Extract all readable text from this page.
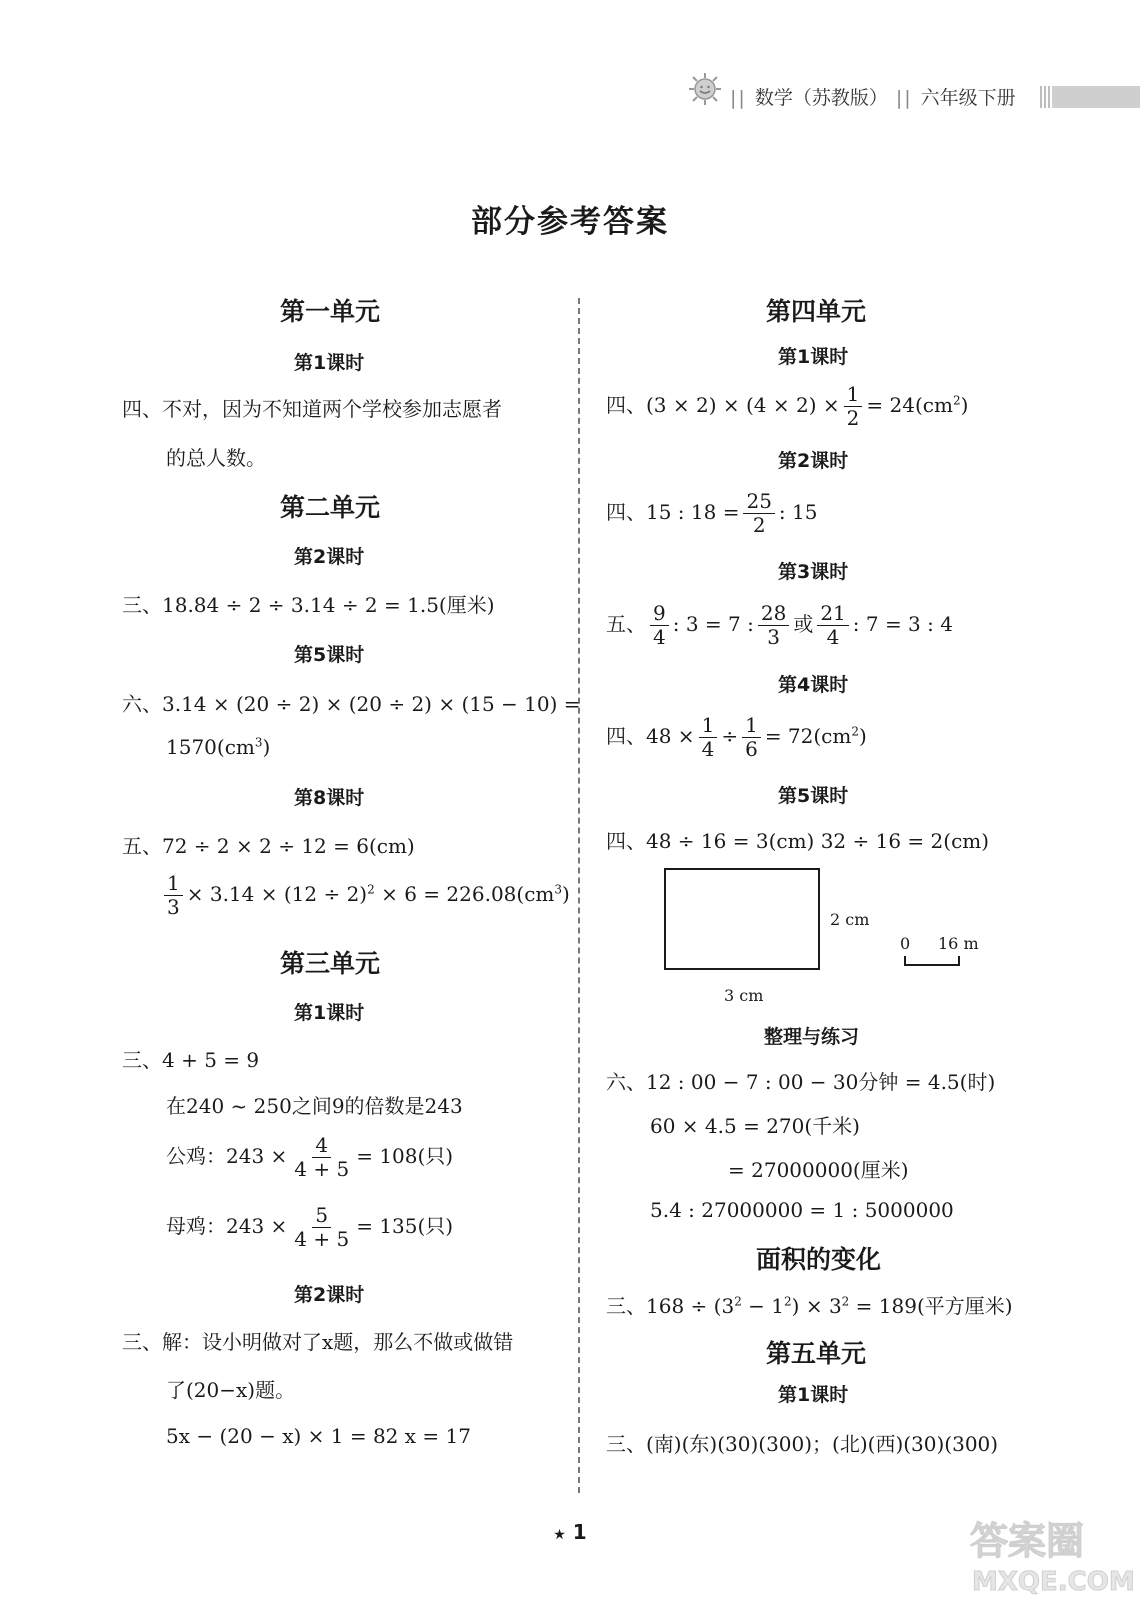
|| 数学（苏教版） || 六年级下册
部分参考答案
第一单元
第1课时
四、不对，因为不知道两个学校参加志愿者
的总人数。
第二单元
第2课时
三、18.84 ÷ 2 ÷ 3.14 ÷ 2 = 1.5(厘米)
第5课时
六、3.14 × (20 ÷ 2) × (20 ÷ 2) × (15 − 10) =
$1570(cm^3)$
第8课时
五、72 ÷ 2 × 2 ÷ 12 = 6(cm)
$\frac{1}{3} \times 3.14 \times (12 \div 2)^2 \times 6 = 226.08(cm^3)$
第三单元
第1课时
三、4 + 5 = 9
在240 ~ 250之间9的倍数是243
公鸡：$243 \times \frac{4}{4 + 5} = 108$(只)
母鸡：$243 \times \frac{5}{4 + 5} = 135$(只)
第2课时
三、解：设小明做对了x题，那么不做或做错
了(20−x)题。
5x − (20 − x) × 1 = 82 x = 17
第四单元
第1课时
四、$(3 \times 2) \times (4 \times 2) \times \frac{1}{2} = 24(cm^2)$
第2课时
四、15 : $18 = \frac{25}{2}$ : 15
第3课时
五、 $\frac{9}{4}$ : 3 = 7 : $\frac{28}{3}$ 或 $\frac{21}{4}$ : 7 = 3 : 4
第4课时
四、$48 \times \frac{1}{4} \div \frac{1}{6} = 72(cm^2)$
第5课时
四、48 ÷ 16 = 3(cm) 32 ÷ 16 = 2(cm)
2 cm
3 cm
0 16 m
整理与练习
六、12 : 00 − 7 : 00 − 30分钟 = 4.5(时)
60 × 4.5 = 270(千米)
= 27000000(厘米)
5.4 : 27000000 = 1 : 5000000
面积的变化
三、$168 \div (3^2 - 1^2) \times 3^2 = 189$(平方厘米)
第五单元
第1课时
三、(南)(东)(30)(300)；(北)(西)(30)(300)
★ 1	答案圈
MXQE.COM
